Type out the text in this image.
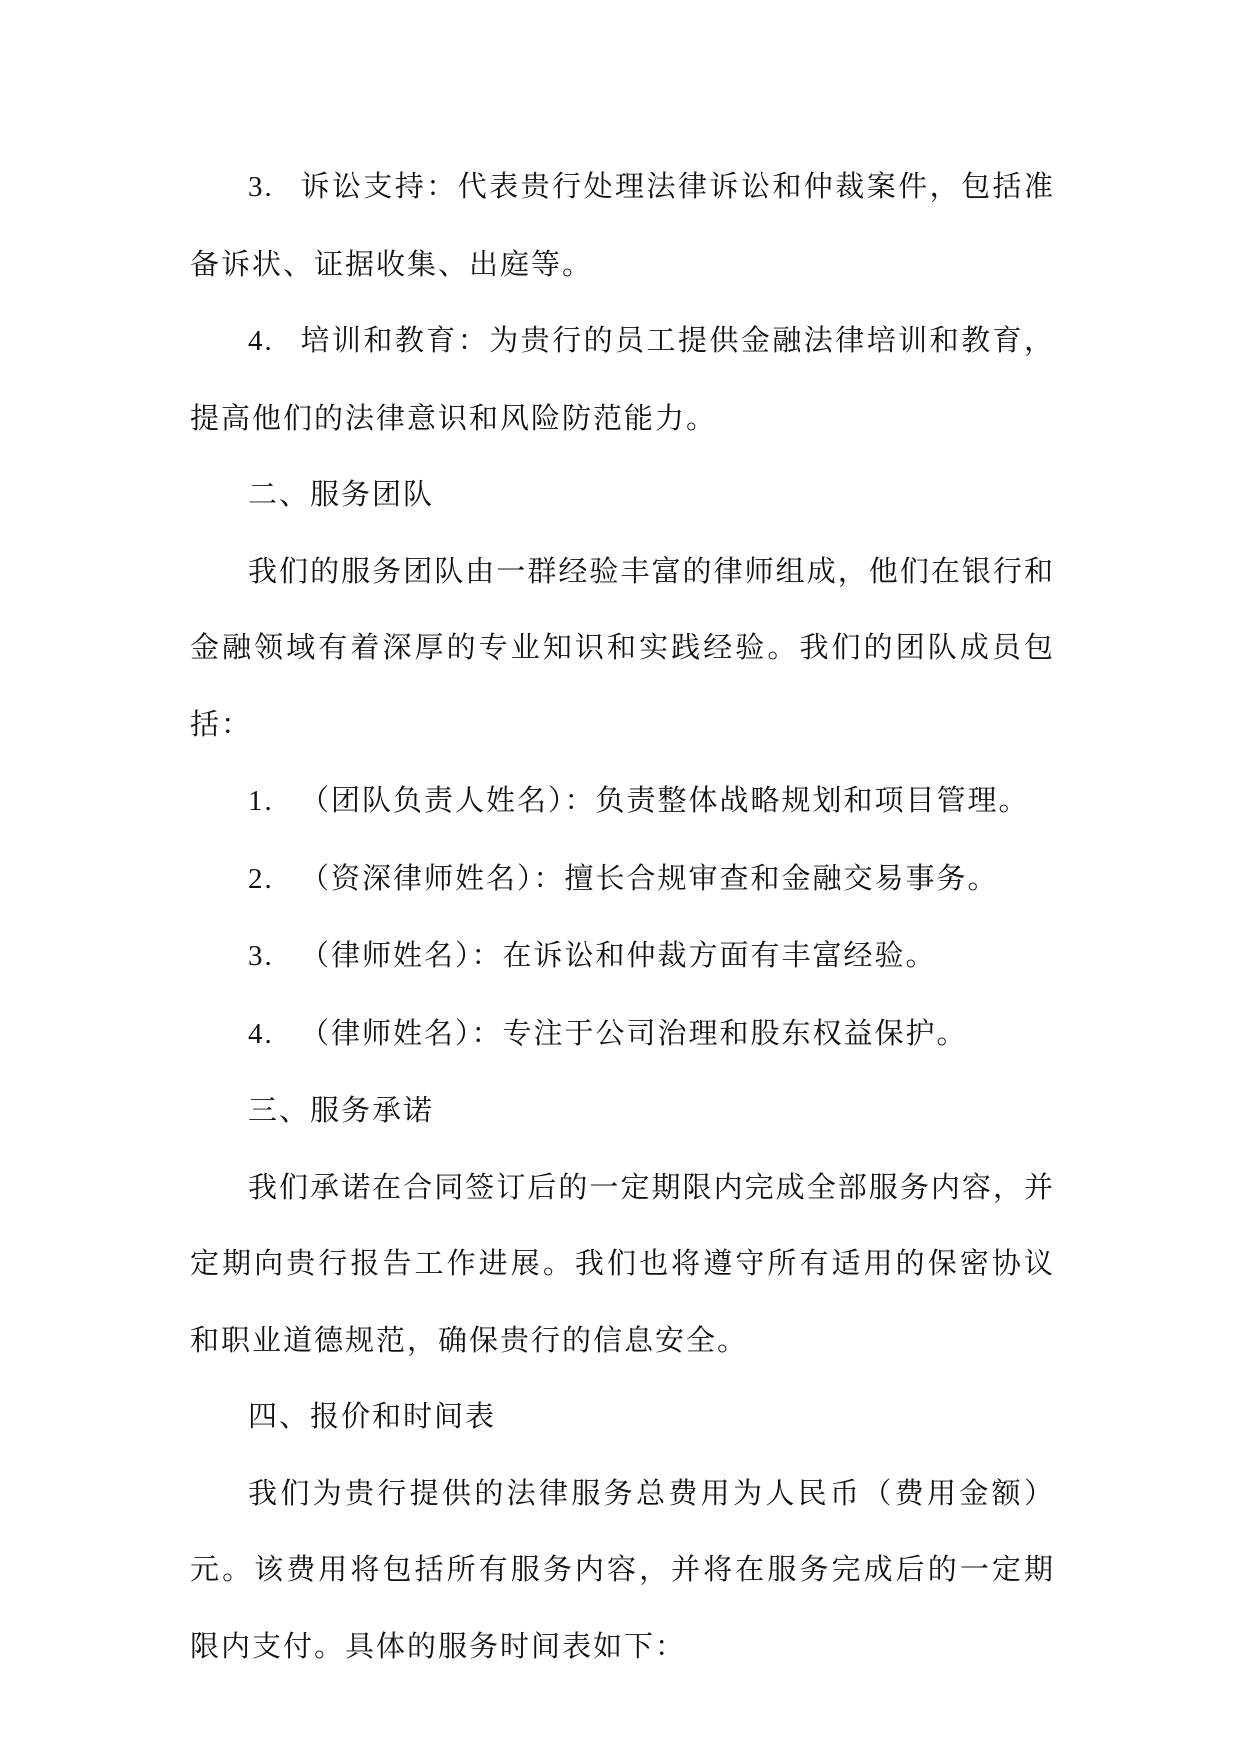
3. 诉讼支持：代表贵行处理法律诉讼和仲裁案件，包括准备诉状、证据收集、出庭等。

4. 培训和教育：为贵行的员工提供金融法律培训和教育，提高他们的法律意识和风险防范能力。

二、服务团队

我们的服务团队由一群经验丰富的律师组成，他们在银行和金融领域有着深厚的专业知识和实践经验。我们的团队成员包括：

1. （团队负责人姓名）：负责整体战略规划和项目管理。

2. （资深律师姓名）：擅长合规审查和金融交易事务。

3. （律师姓名）：在诉讼和仲裁方面有丰富经验。

4. （律师姓名）：专注于公司治理和股东权益保护。

三、服务承诺

我们承诺在合同签订后的一定期限内完成全部服务内容，并定期向贵行报告工作进展。我们也将遵守所有适用的保密协议和职业道德规范，确保贵行的信息安全。

四、报价和时间表

我们为贵行提供的法律服务总费用为人民币（费用金额）元。该费用将包括所有服务内容，并将在服务完成后的一定期限内支付。具体的服务时间表如下：
